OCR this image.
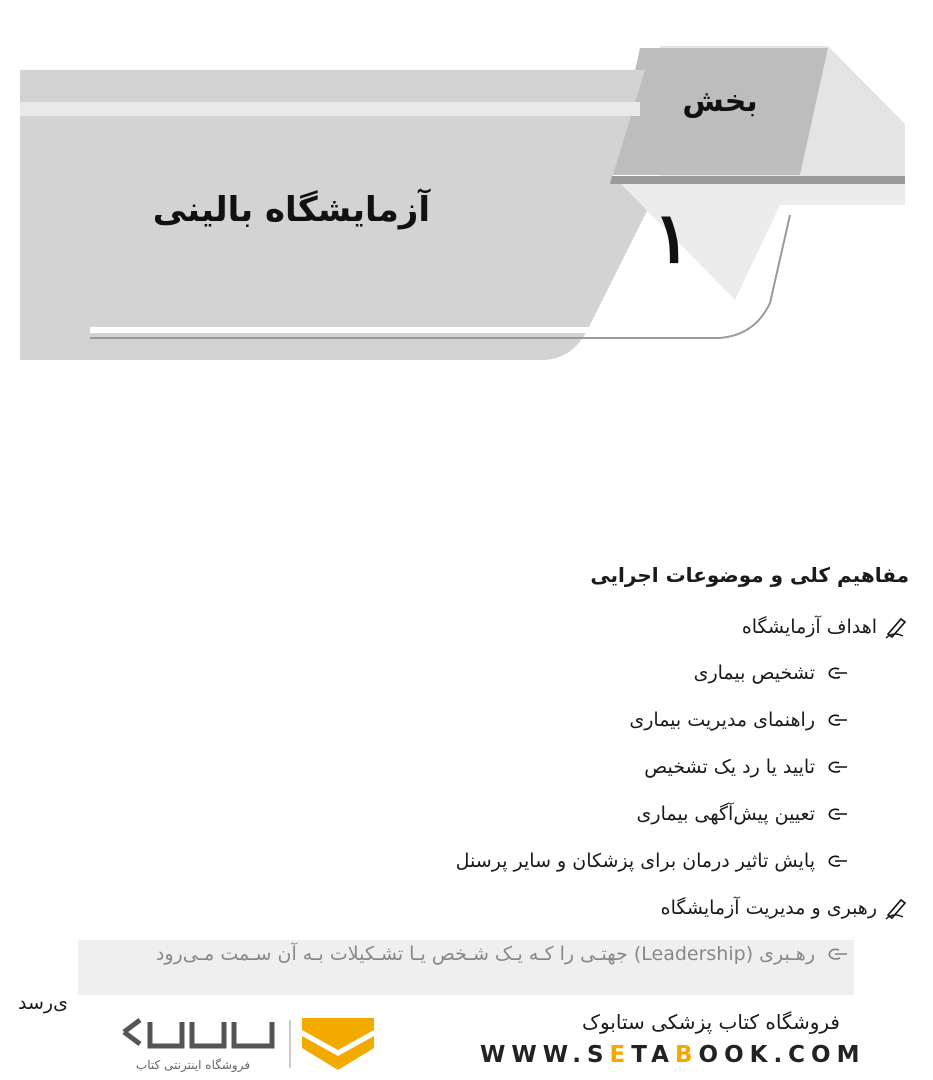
بخش
۱
آزمایشگاه بالینی
مفاهیم کلی و موضوعات اجرایی
اهداف آزمایشگاه
تشخیص بیماری
راهنمای مدیریت بیماری
تایید یا رد یک تشخیص
تعیین پیش‌آگهی بیماری
پایش تاثیر درمان برای پزشکان و سایر پرسنل
رهبری و مدیریت آزمایشگاه
ی‌رسد
فروشگاه اینترنتی کتاب
فروشگاه کتاب پزشکی ستابوک
WWW.SETABOOK.COM
